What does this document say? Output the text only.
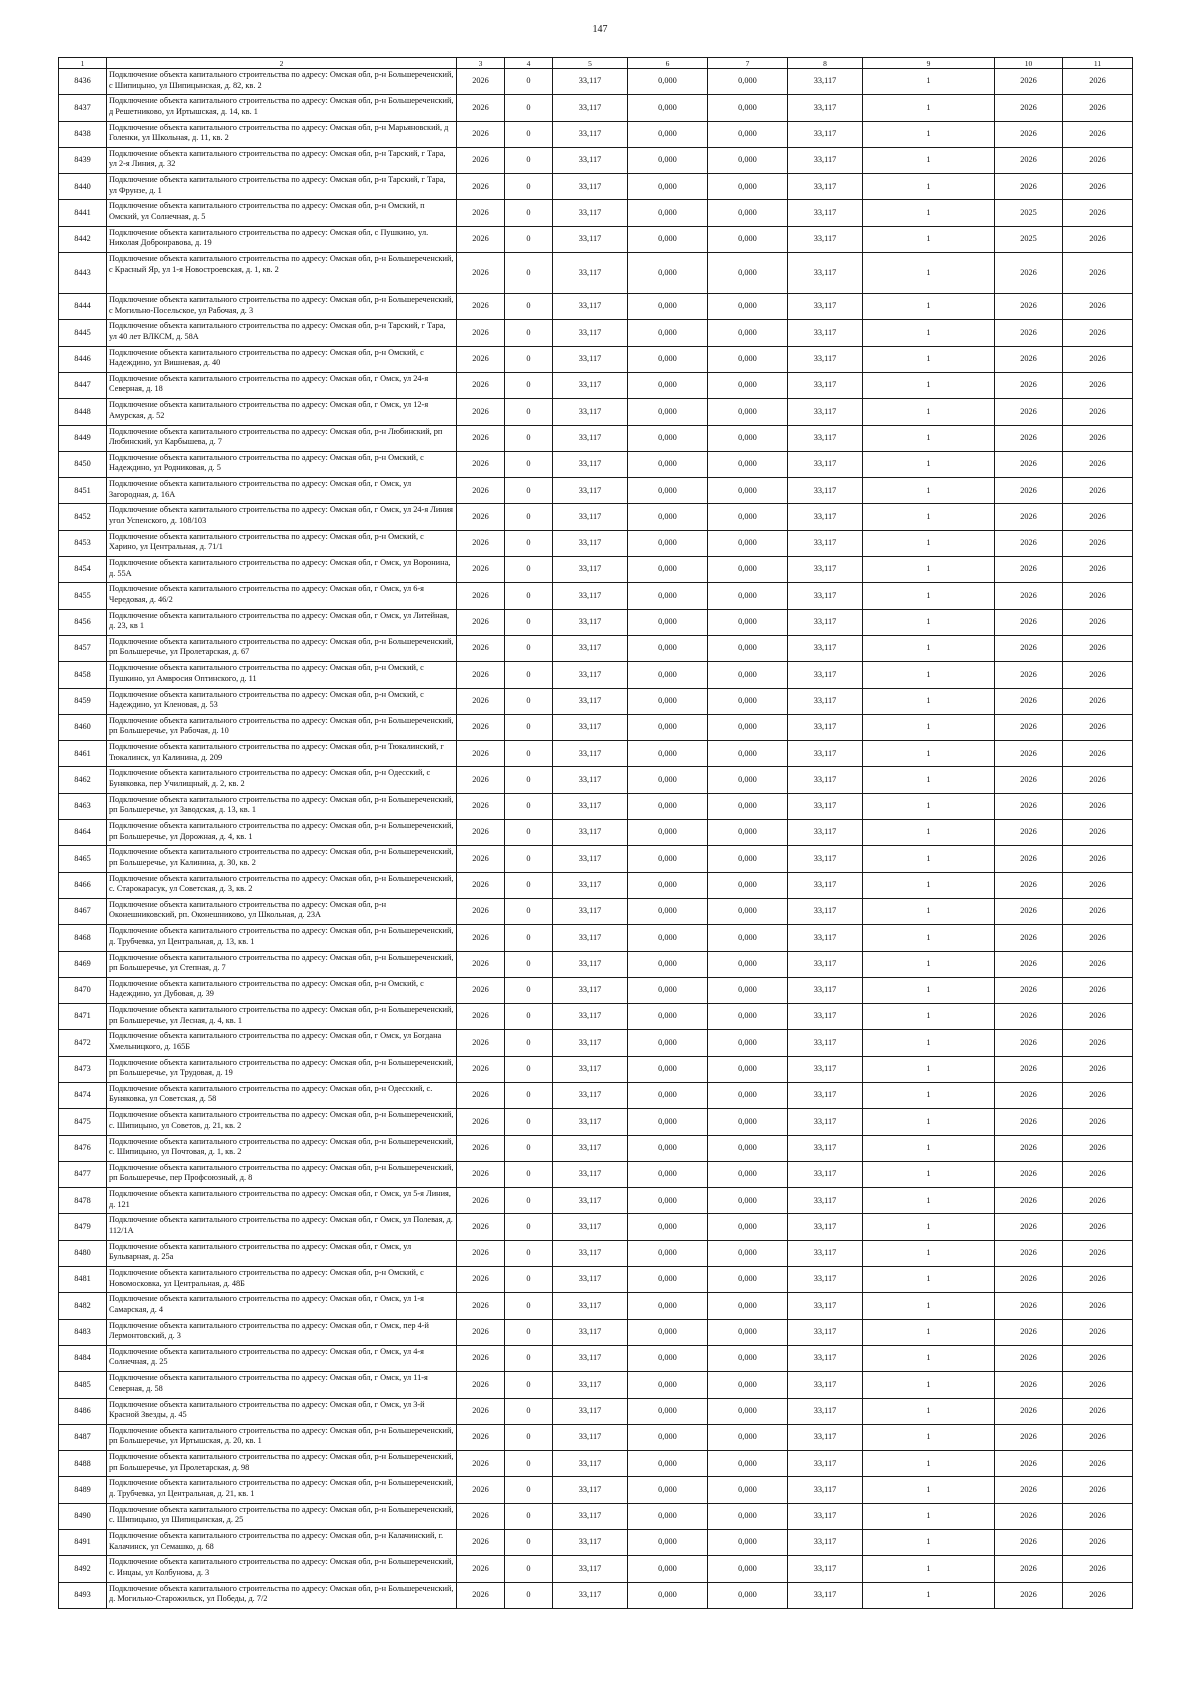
147
1	2	3	4	5	6	7	8	9	10	11
8436	Подключение объекта капитального строительства по адресу: Омская обл, р-н Большереченский, с Шипицыно, ул Шипицынская, д. 82, кв. 2	2026	0	33,117	0,000	0,000	33,117	1	2026	2026
8437	Подключение объекта капитального строительства по адресу: Омская обл, р-н Большереченский, д Решетниково, ул Иртышская, д. 14, кв. 1	2026	0	33,117	0,000	0,000	33,117	1	2026	2026
8438	Подключение объекта капитального строительства по адресу: Омская обл, р-н Марьяновский, д Голенки, ул Школьная, д. 11, кв. 2	2026	0	33,117	0,000	0,000	33,117	1	2026	2026
8439	Подключение объекта капитального строительства по адресу: Омская обл, р-н Тарский, г Тара, ул 2-я Линия, д. 32	2026	0	33,117	0,000	0,000	33,117	1	2026	2026
8440	Подключение объекта капитального строительства по адресу: Омская обл, р-н Тарский, г Тара, ул Фрунзе, д. 1	2026	0	33,117	0,000	0,000	33,117	1	2026	2026
8441	Подключение объекта капитального строительства по адресу: Омская обл, р-н Омский, п Омский, ул Солнечная, д. 5	2026	0	33,117	0,000	0,000	33,117	1	2025	2026
8442	Подключение объекта капитального строительства по адресу: Омская обл, с Пушкино, ул. Николая Добронравова, д. 19	2026	0	33,117	0,000	0,000	33,117	1	2025	2026
8443	Подключение объекта капитального строительства по адресу: Омская обл, р-н Большереченский, с Красный Яр, ул 1-я Новостроевская, д. 1, кв. 2	2026	0	33,117	0,000	0,000	33,117	1	2026	2026
8444	Подключение объекта капитального строительства по адресу: Омская обл, р-н Большереченский, с Могильно-Посельское, ул Рабочая, д. 3	2026	0	33,117	0,000	0,000	33,117	1	2026	2026
8445	Подключение объекта капитального строительства по адресу: Омская обл, р-н Тарский, г Тара, ул 40 лет ВЛКСМ, д. 58А	2026	0	33,117	0,000	0,000	33,117	1	2026	2026
8446	Подключение объекта капитального строительства по адресу: Омская обл, р-н Омский, с Надеждино, ул Вишневая, д. 40	2026	0	33,117	0,000	0,000	33,117	1	2026	2026
8447	Подключение объекта капитального строительства по адресу: Омская обл, г Омск, ул 24-я Северная, д. 18	2026	0	33,117	0,000	0,000	33,117	1	2026	2026
8448	Подключение объекта капитального строительства по адресу: Омская обл, г Омск, ул 12-я Амурская, д. 52	2026	0	33,117	0,000	0,000	33,117	1	2026	2026
8449	Подключение объекта капитального строительства по адресу: Омская обл, р-н Любинский, рп Любинский, ул Карбышева, д. 7	2026	0	33,117	0,000	0,000	33,117	1	2026	2026
8450	Подключение объекта капитального строительства по адресу: Омская обл, р-н Омский, с Надеждино, ул Родниковая, д. 5	2026	0	33,117	0,000	0,000	33,117	1	2026	2026
8451	Подключение объекта капитального строительства по адресу: Омская обл, г Омск, ул Загородная, д. 16А	2026	0	33,117	0,000	0,000	33,117	1	2026	2026
8452	Подключение объекта капитального строительства по адресу: Омская обл, г Омск, ул 24-я Линия угол Успенского, д. 108/103	2026	0	33,117	0,000	0,000	33,117	1	2026	2026
8453	Подключение объекта капитального строительства по адресу: Омская обл, р-н Омский, с Харино, ул Центральная, д. 71/1	2026	0	33,117	0,000	0,000	33,117	1	2026	2026
8454	Подключение объекта капитального строительства по адресу: Омская обл, г Омск, ул Воронина, д. 55А	2026	0	33,117	0,000	0,000	33,117	1	2026	2026
8455	Подключение объекта капитального строительства по адресу: Омская обл, г Омск, ул 6-я Чередовая, д. 46/2	2026	0	33,117	0,000	0,000	33,117	1	2026	2026
8456	Подключение объекта капитального строительства по адресу: Омская обл, г Омск, ул Литейная, д. 23, кв 1	2026	0	33,117	0,000	0,000	33,117	1	2026	2026
8457	Подключение объекта капитального строительства по адресу: Омская обл, р-н Большереченский, рп Большеречье, ул Пролетарская, д. 67	2026	0	33,117	0,000	0,000	33,117	1	2026	2026
8458	Подключение объекта капитального строительства по адресу: Омская обл, р-н Омский, с Пушкино, ул Амвросия Оптинского, д. 11	2026	0	33,117	0,000	0,000	33,117	1	2026	2026
8459	Подключение объекта капитального строительства по адресу: Омская обл, р-н Омский, с Надеждино, ул Кленовая, д. 53	2026	0	33,117	0,000	0,000	33,117	1	2026	2026
8460	Подключение объекта капитального строительства по адресу: Омская обл, р-н Большереченский, рп Большеречье, ул Рабочая, д. 10	2026	0	33,117	0,000	0,000	33,117	1	2026	2026
8461	Подключение объекта капитального строительства по адресу: Омская обл, р-н Тюкалинский, г Тюкалинск, ул Калинина, д. 209	2026	0	33,117	0,000	0,000	33,117	1	2026	2026
8462	Подключение объекта капитального строительства по адресу: Омская обл, р-н Одесский, с Буняковка, пер Училищный, д. 2, кв. 2	2026	0	33,117	0,000	0,000	33,117	1	2026	2026
8463	Подключение объекта капитального строительства по адресу: Омская обл, р-н Большереченский, рп Большеречье, ул Заводская, д. 13, кв. 1	2026	0	33,117	0,000	0,000	33,117	1	2026	2026
8464	Подключение объекта капитального строительства по адресу: Омская обл, р-н Большереченский, рп Большеречье, ул Дорожная, д. 4, кв. 1	2026	0	33,117	0,000	0,000	33,117	1	2026	2026
8465	Подключение объекта капитального строительства по адресу: Омская обл, р-н Большереченский, рп Большеречье, ул Калинина, д. 30, кв. 2	2026	0	33,117	0,000	0,000	33,117	1	2026	2026
8466	Подключение объекта капитального строительства по адресу: Омская обл, р-н Большереченский, с. Старокарасук, ул Советская, д. 3, кв. 2	2026	0	33,117	0,000	0,000	33,117	1	2026	2026
8467	Подключение объекта капитального строительства по адресу: Омская обл, р-н Оконешниковский, рп. Оконешниково, ул Школьная, д. 23А	2026	0	33,117	0,000	0,000	33,117	1	2026	2026
8468	Подключение объекта капитального строительства по адресу: Омская обл, р-н Большереченский, д. Трубчевка, ул Центральная, д. 13, кв. 1	2026	0	33,117	0,000	0,000	33,117	1	2026	2026
8469	Подключение объекта капитального строительства по адресу: Омская обл, р-н Большереченский, рп Большеречье, ул Степная, д. 7	2026	0	33,117	0,000	0,000	33,117	1	2026	2026
8470	Подключение объекта капитального строительства по адресу: Омская обл, р-н Омский, с Надеждино, ул Дубовая, д. 39	2026	0	33,117	0,000	0,000	33,117	1	2026	2026
8471	Подключение объекта капитального строительства по адресу: Омская обл, р-н Большереченский, рп Большеречье, ул Лесная, д. 4, кв. 1	2026	0	33,117	0,000	0,000	33,117	1	2026	2026
8472	Подключение объекта капитального строительства по адресу: Омская обл, г Омск, ул Богдана Хмельницкого, д. 165Б	2026	0	33,117	0,000	0,000	33,117	1	2026	2026
8473	Подключение объекта капитального строительства по адресу: Омская обл, р-н Большереченский, рп Большеречье, ул Трудовая, д. 19	2026	0	33,117	0,000	0,000	33,117	1	2026	2026
8474	Подключение объекта капитального строительства по адресу: Омская обл, р-н Одесский, с. Буняковка, ул Советская, д. 58	2026	0	33,117	0,000	0,000	33,117	1	2026	2026
8475	Подключение объекта капитального строительства по адресу: Омская обл, р-н Большереченский, с. Шипицыно, ул Советов, д. 21, кв. 2	2026	0	33,117	0,000	0,000	33,117	1	2026	2026
8476	Подключение объекта капитального строительства по адресу: Омская обл, р-н Большереченский, с. Шипицыно, ул Почтовая, д. 1, кв. 2	2026	0	33,117	0,000	0,000	33,117	1	2026	2026
8477	Подключение объекта капитального строительства по адресу: Омская обл, р-н Большереченский, рп Большеречье, пер Профсоюзный, д. 8	2026	0	33,117	0,000	0,000	33,117	1	2026	2026
8478	Подключение объекта капитального строительства по адресу: Омская обл, г Омск, ул 5-я Линия, д. 121	2026	0	33,117	0,000	0,000	33,117	1	2026	2026
8479	Подключение объекта капитального строительства по адресу: Омская обл, г Омск, ул Полевая, д. 112/1А	2026	0	33,117	0,000	0,000	33,117	1	2026	2026
8480	Подключение объекта капитального строительства по адресу: Омская обл, г Омск, ул Бульварная, д. 25а	2026	0	33,117	0,000	0,000	33,117	1	2026	2026
8481	Подключение объекта капитального строительства по адресу: Омская обл, р-н Омский, с Новомосковка, ул Центральная, д. 48Б	2026	0	33,117	0,000	0,000	33,117	1	2026	2026
8482	Подключение объекта капитального строительства по адресу: Омская обл, г Омск, ул 1-я Самарская, д. 4	2026	0	33,117	0,000	0,000	33,117	1	2026	2026
8483	Подключение объекта капитального строительства по адресу: Омская обл, г Омск, пер 4-й Лермонтовский, д. 3	2026	0	33,117	0,000	0,000	33,117	1	2026	2026
8484	Подключение объекта капитального строительства по адресу: Омская обл, г Омск, ул 4-я Солнечная, д. 25	2026	0	33,117	0,000	0,000	33,117	1	2026	2026
8485	Подключение объекта капитального строительства по адресу: Омская обл, г Омск, ул 11-я Северная, д. 58	2026	0	33,117	0,000	0,000	33,117	1	2026	2026
8486	Подключение объекта капитального строительства по адресу: Омская обл, г Омск, ул 3-й Красной Звезды, д. 45	2026	0	33,117	0,000	0,000	33,117	1	2026	2026
8487	Подключение объекта капитального строительства по адресу: Омская обл, р-н Большереченский, рп Большеречье, ул Иртышская, д. 20, кв. 1	2026	0	33,117	0,000	0,000	33,117	1	2026	2026
8488	Подключение объекта капитального строительства по адресу: Омская обл, р-н Большереченский, рп Большеречье, ул Пролетарская, д. 98	2026	0	33,117	0,000	0,000	33,117	1	2026	2026
8489	Подключение объекта капитального строительства по адресу: Омская обл, р-н Большереченский, д. Трубчевка, ул Центральная, д. 21, кв. 1	2026	0	33,117	0,000	0,000	33,117	1	2026	2026
8490	Подключение объекта капитального строительства по адресу: Омская обл, р-н Большереченский, с. Шипицыно, ул Шипицынская, д. 25	2026	0	33,117	0,000	0,000	33,117	1	2026	2026
8491	Подключение объекта капитального строительства по адресу: Омская обл, р-н Калачинский, г. Калачинск, ул Семашко, д. 68	2026	0	33,117	0,000	0,000	33,117	1	2026	2026
8492	Подключение объекта капитального строительства по адресу: Омская обл, р-н Большереченский, с. Инцаы, ул Колбунова, д. 3	2026	0	33,117	0,000	0,000	33,117	1	2026	2026
8493	Подключение объекта капитального строительства по адресу: Омская обл, р-н Большереченский, д. Могильно-Старожильск, ул Победы, д. 7/2	2026	0	33,117	0,000	0,000	33,117	1	2026	2026
